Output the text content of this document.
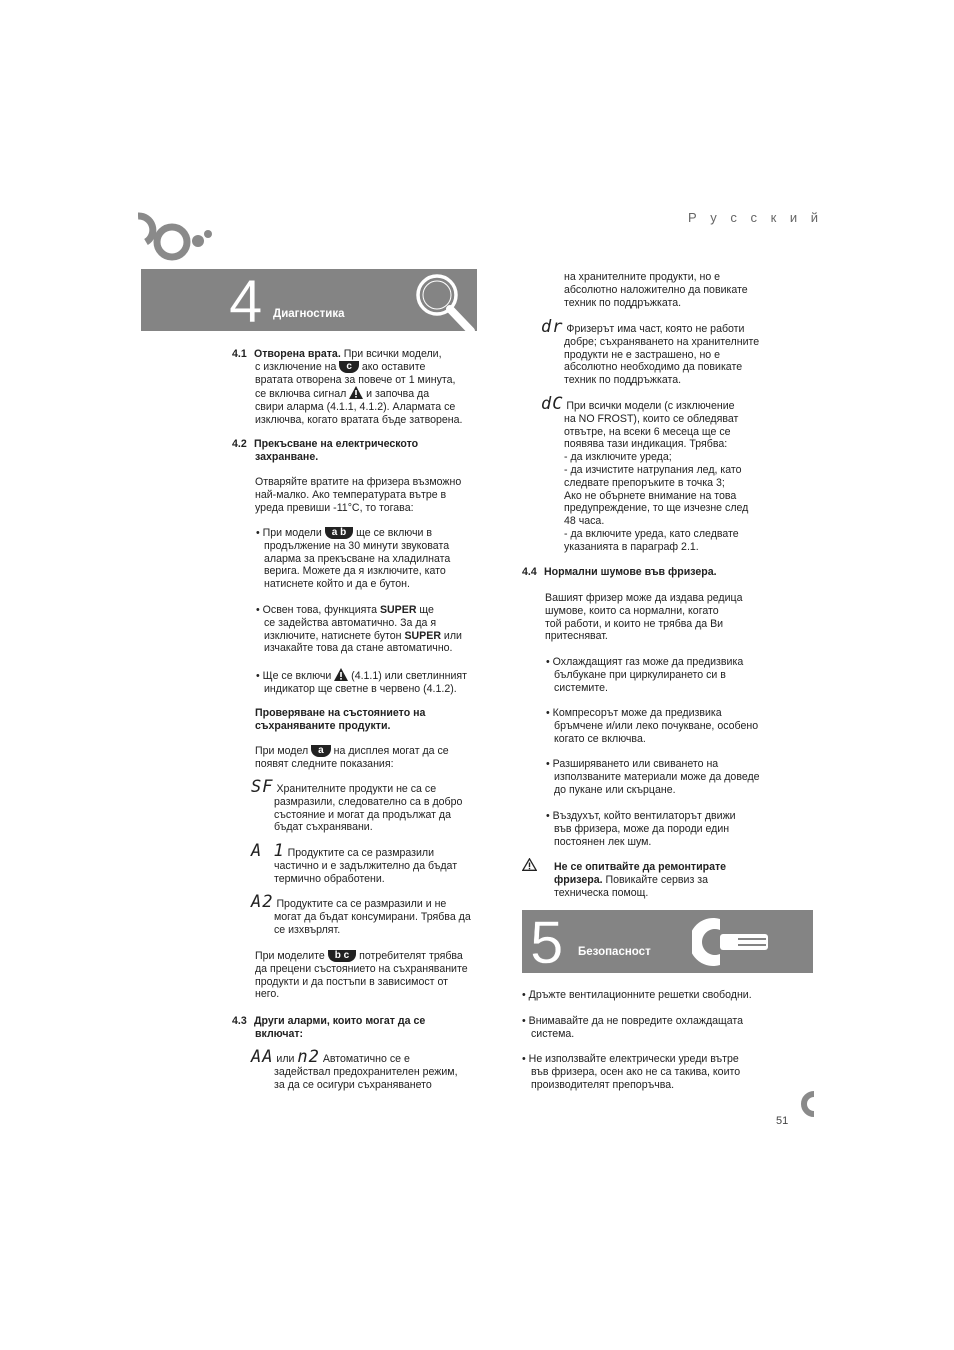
Р у с с к и й
4 Диагностика

4.1 Отворена врата. При всички модели,

с изключение на c ако оставите

вратата отворена за повече от 1 минута,

се включва сигнал  и започва да

свири аларма (4.1.1, 4.1.2). Алармата се

изключва, когато вратата бъде затворена.

4.2 Прекъсване на електрическото

захранване.

Отваряйте вратите на фризера възможно

най-малко. Ако температурата вътре в

уреда превиши -11°C, то тогава:

• При модели a b ще се включи в

продължение на 30 минути звуковата

аларма за прекъсване на хладилната

верига. Можете да я изключите, като

натиснете който и да е бутон.

• Освен това, функцията SUPER ще

се задейства автоматично. За да я

изключите, натиснете бутон SUPER или

изчакайте това да стане автоматично.

• Ще се включи  (4.1.1) или светлинният

индикатор ще светне в червено (4.1.2).

Проверяване на състоянието на

съхраняваните продукти.

При модел a на дисплея могат да се

появят следните показания:

SF Хранителните продукти не са се

размразили, следователно са в добро

състояние и могат да продължат да

бъдат съхранявани.

A 1 Продуктите са се размразили

частично и е задължително да бъдат

термично обработени.

A2 Продуктите са се размразили и не

могат да бъдат консумирани. Трябва да

се изхвърлят.

При моделите b c потребителят трябва

да прецени състоянието на съхраняваните

продукти и да постъпи в зависимост от

него.

4.3 Други аларми, които могат да се

включат:

AA или n2 Автоматично се е

задействал предохранителен режим,

за да се осигури съхраняването

на хранителните продукти, но е

абсолютно наложително да повикате

техник по поддръжката.

dr Фризерът има част, която не работи

добре; съхраняването на хранителните

продукти не е застрашено, но е

абсолютно необходимо да повикате

техник по поддръжката.

dC При всички модели (с изключение

на NO FROST), които се обледяват

отвътре, на всеки 6 месеца ще се

появява тази индикация. Трябва:

- да изключите уреда;

- да изчистите натрупания лед, като

следвате препоръките в точка 3;

Ако не обърнете внимание на това

предупреждение, то ще изчезне след

48 часа.

- да включите уреда, като следвате

указанията в параграф 2.1.

4.4 Нормални шумове във фризера.

Вашият фризер може да издава редица

шумове, които са нормални, когато

той работи, и които не трябва да Ви

притесняват.

• Охлаждащият газ може да предизвика

бълбукане при циркулирането си в

системите.

• Компресорът може да предизвика

бръмчене и/или леко почукване, особено

когато се включва.

• Разширяването или свиването на

използваните материали може да доведе

до пукане или скърцане.

• Въздухът, който вентилаторът движи

във фризера, може да породи един

постоянен лек шум.

Не се опитвайте да ремонтирате

фризера. Повикайте сервиз за

техническа помощ.

5 Безопасност

• Дръжте вентилационните решетки свободни.

• Внимавайте да не повредите охлаждащата

система.

• Не използвайте електрически уреди вътре

във фризера, осен ако не са такива, които

производителят препоръчва.

51
